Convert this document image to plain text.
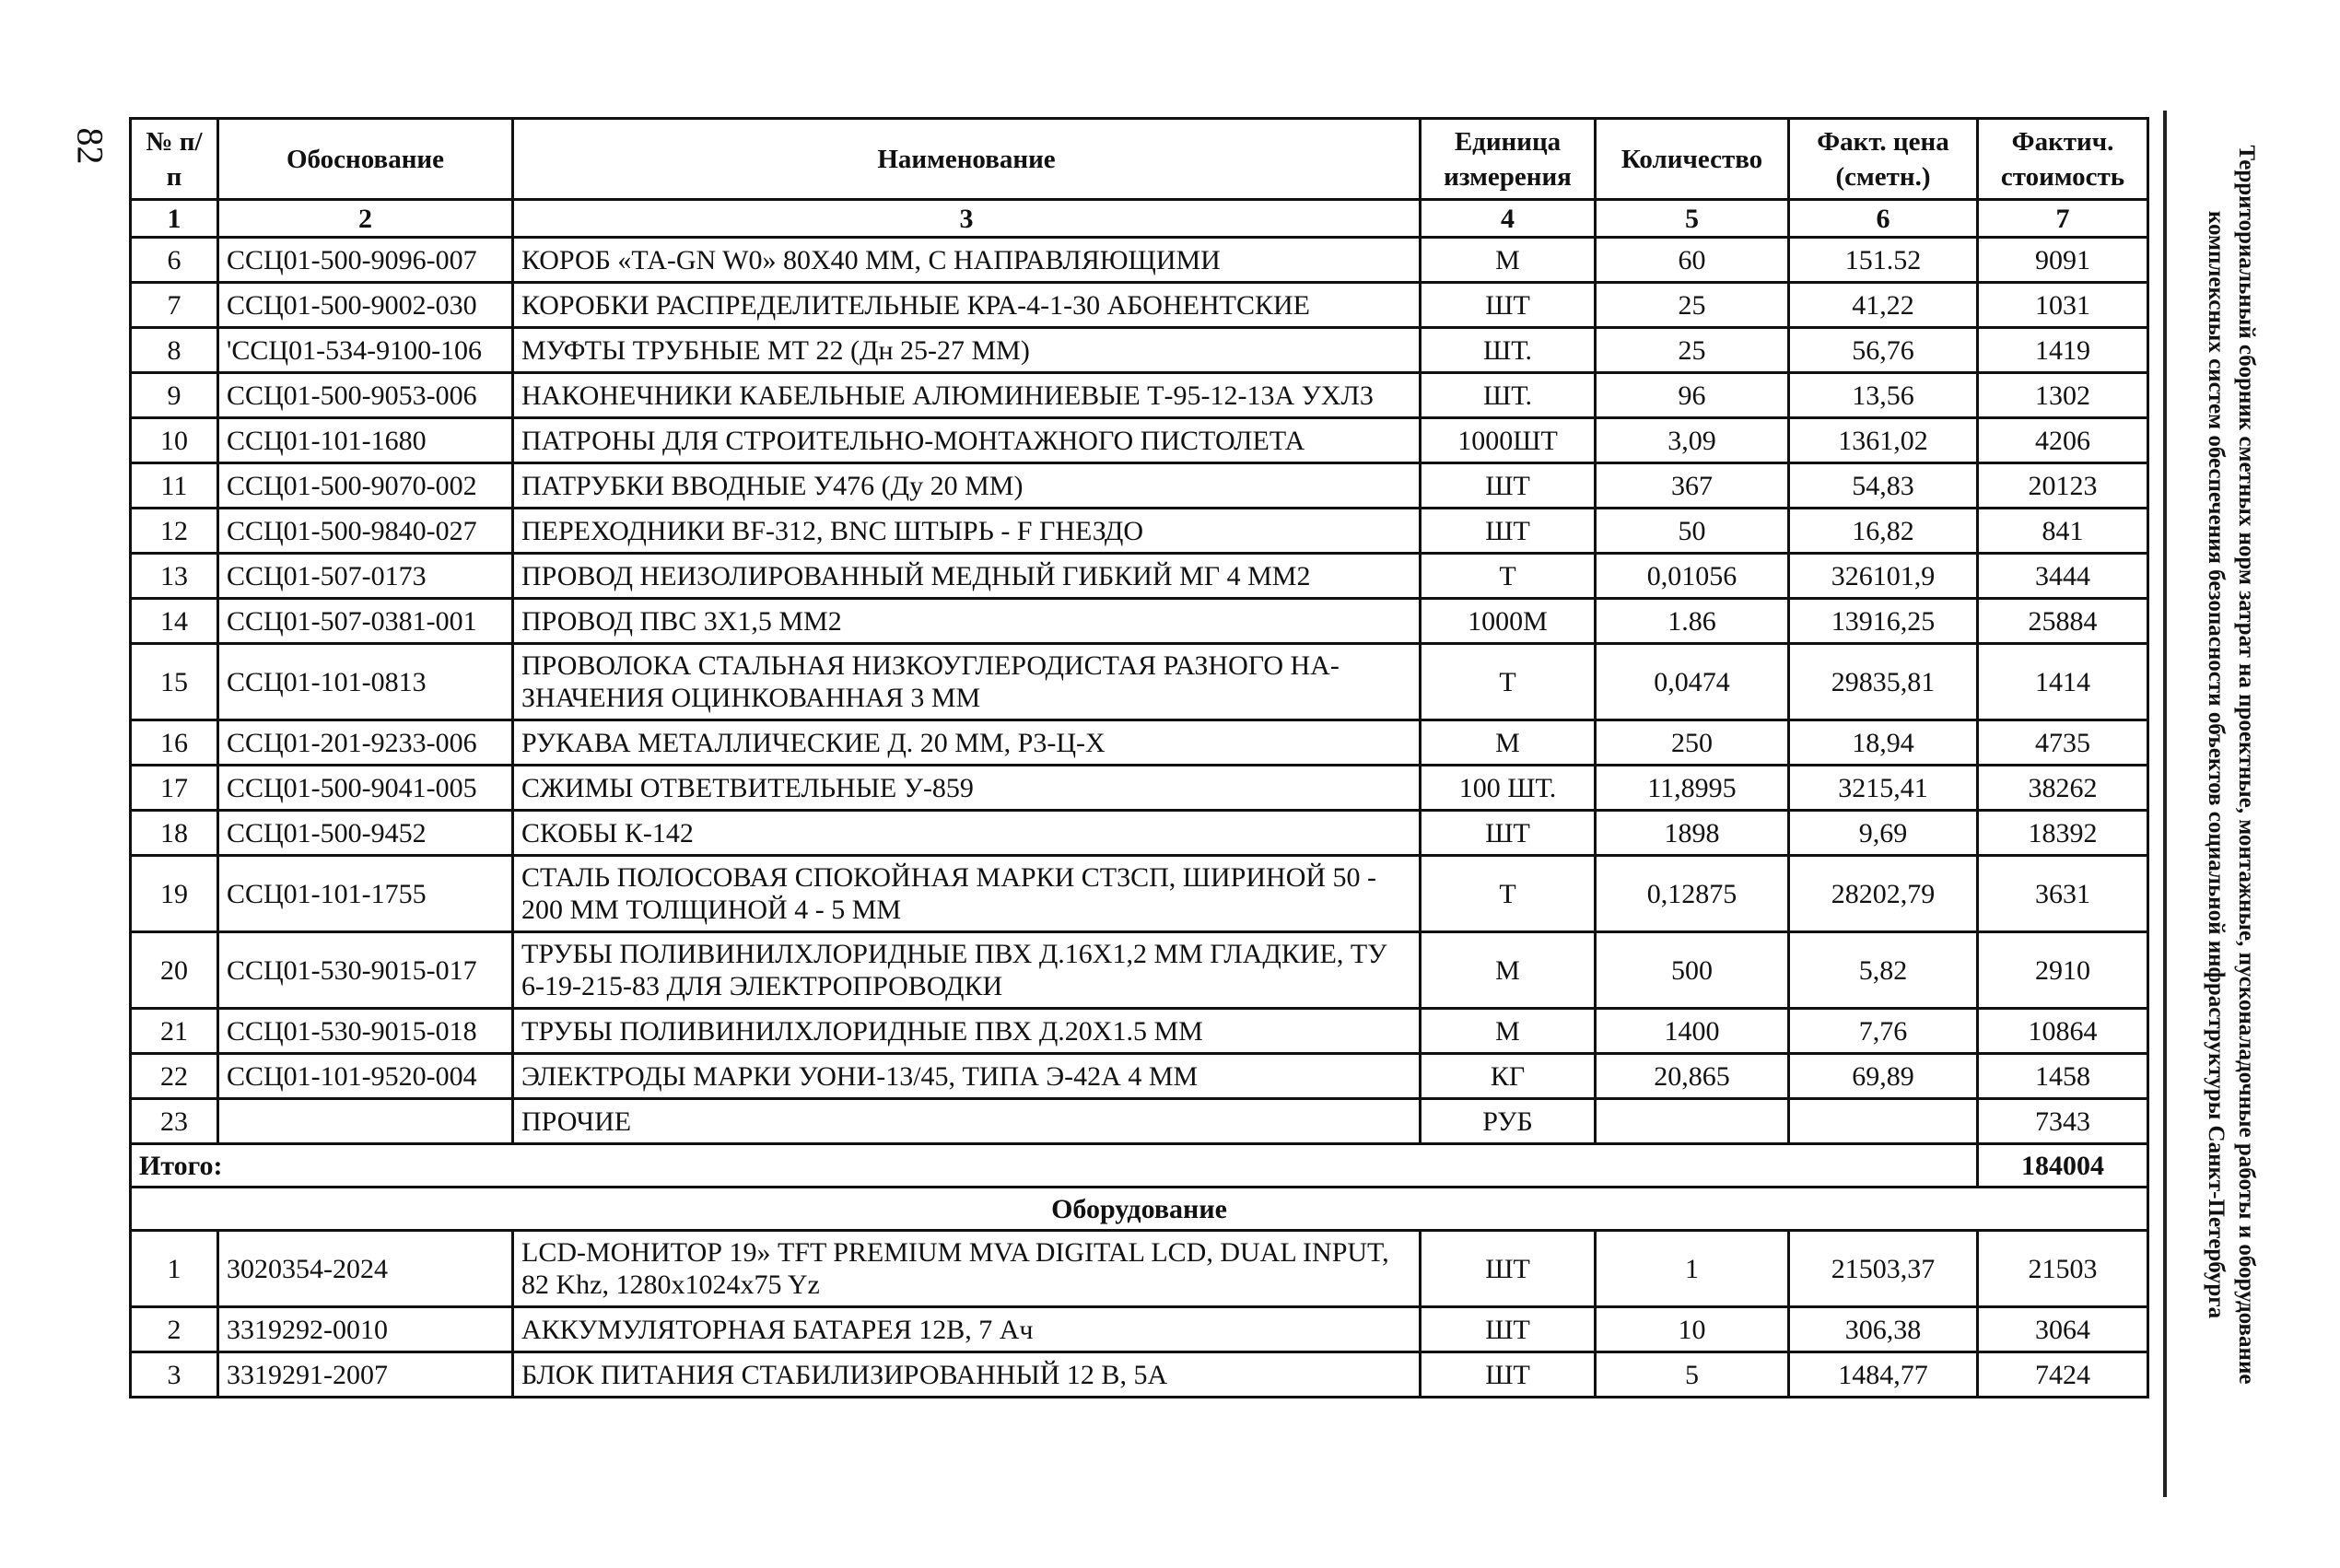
82	Территориальный сборник сметных норм затрат на проектные, монтажные, пусконаладочные работы и оборудование
комплексных систем обеспечения безопасности объектов социальной инфраструктуры Санкт-Петербурга
№ п/п	Обоснование	Наименование	Единица измерения	Количество	Факт. цена (сметн.)	Фактич. стоимость
1	2	3	4	5	6	7
6	ССЦ01-500-9096-007	КОРОБ «ТА-GN W0» 80Х40 ММ, С НАПРАВЛЯЮЩИМИ	М	60	151.52	9091
7	ССЦ01-500-9002-030	КОРОБКИ РАСПРЕДЕЛИТЕЛЬНЫЕ КРА-4-1-30 АБОНЕНТСКИЕ	ШТ	25	41,22	1031
8	'ССЦ01-534-9100-106	МУФТЫ ТРУБНЫЕ МТ 22 (Дн 25-27 ММ)	ШТ.	25	56,76	1419
9	ССЦ01-500-9053-006	НАКОНЕЧНИКИ КАБЕЛЬНЫЕ АЛЮМИНИЕВЫЕ Т-95-12-13А УХЛ3	ШТ.	96	13,56	1302
10	ССЦ01-101-1680	ПАТРОНЫ ДЛЯ СТРОИТЕЛЬНО-МОНТАЖНОГО ПИСТОЛЕТА	1000ШТ	3,09	1361,02	4206
11	ССЦ01-500-9070-002	ПАТРУБКИ ВВОДНЫЕ У476 (Ду 20 ММ)	ШТ	367	54,83	20123
12	ССЦ01-500-9840-027	ПЕРЕХОДНИКИ BF-312, BNC ШТЫРЬ - F ГНЕЗДО	ШТ	50	16,82	841
13	ССЦ01-507-0173	ПРОВОД НЕИЗОЛИРОВАННЫЙ МЕДНЫЙ ГИБКИЙ МГ 4 ММ2	Т	0,01056	326101,9	3444
14	ССЦ01-507-0381-001	ПРОВОД ПВС 3Х1,5 ММ2	1000М	1.86	13916,25	25884
15	ССЦ01-101-0813	ПРОВОЛОКА СТАЛЬНАЯ НИЗКОУГЛЕРОДИСТАЯ РАЗНОГО НА-ЗНАЧЕНИЯ ОЦИНКОВАННАЯ 3 ММ	Т	0,0474	29835,81	1414
16	ССЦ01-201-9233-006	РУКАВА МЕТАЛЛИЧЕСКИЕ Д. 20 ММ, Р3-Ц-Х	М	250	18,94	4735
17	ССЦ01-500-9041-005	СЖИМЫ ОТВЕТВИТЕЛЬНЫЕ У-859	100 ШТ.	11,8995	3215,41	38262
18	ССЦ01-500-9452	СКОБЫ К-142	ШТ	1898	9,69	18392
19	ССЦ01-101-1755	СТАЛЬ ПОЛОСОВАЯ СПОКОЙНАЯ МАРКИ СТ3СП, ШИРИНОЙ 50 - 200 ММ ТОЛЩИНОЙ 4 - 5 ММ	Т	0,12875	28202,79	3631
20	ССЦ01-530-9015-017	ТРУБЫ ПОЛИВИНИЛХЛОРИДНЫЕ ПВХ Д.16Х1,2 ММ ГЛАДКИЕ, ТУ 6-19-215-83 ДЛЯ ЭЛЕКТРОПРОВОДКИ	М	500	5,82	2910
21	ССЦ01-530-9015-018	ТРУБЫ ПОЛИВИНИЛХЛОРИДНЫЕ ПВХ Д.20Х1.5 ММ	М	1400	7,76	10864
22	ССЦ01-101-9520-004	ЭЛЕКТРОДЫ МАРКИ УОНИ-13/45, ТИПА Э-42А 4 ММ	КГ	20,865	69,89	1458
23		ПРОЧИЕ	РУБ			7343
Итого:						184004
Оборудование						
1	3020354-2024	LCD-МОНИТОР 19» TFT PREMIUM MVA DIGITAL LCD, DUAL INPUT, 82 Khz, 1280x1024x75 Yz	ШТ	1	21503,37	21503
2	3319292-0010	АККУМУЛЯТОРНАЯ БАТАРЕЯ 12В, 7 Ач	ШТ	10	306,38	3064
3	3319291-2007	БЛОК ПИТАНИЯ СТАБИЛИЗИРОВАННЫЙ 12 В, 5А	ШТ	5	1484,77	7424
